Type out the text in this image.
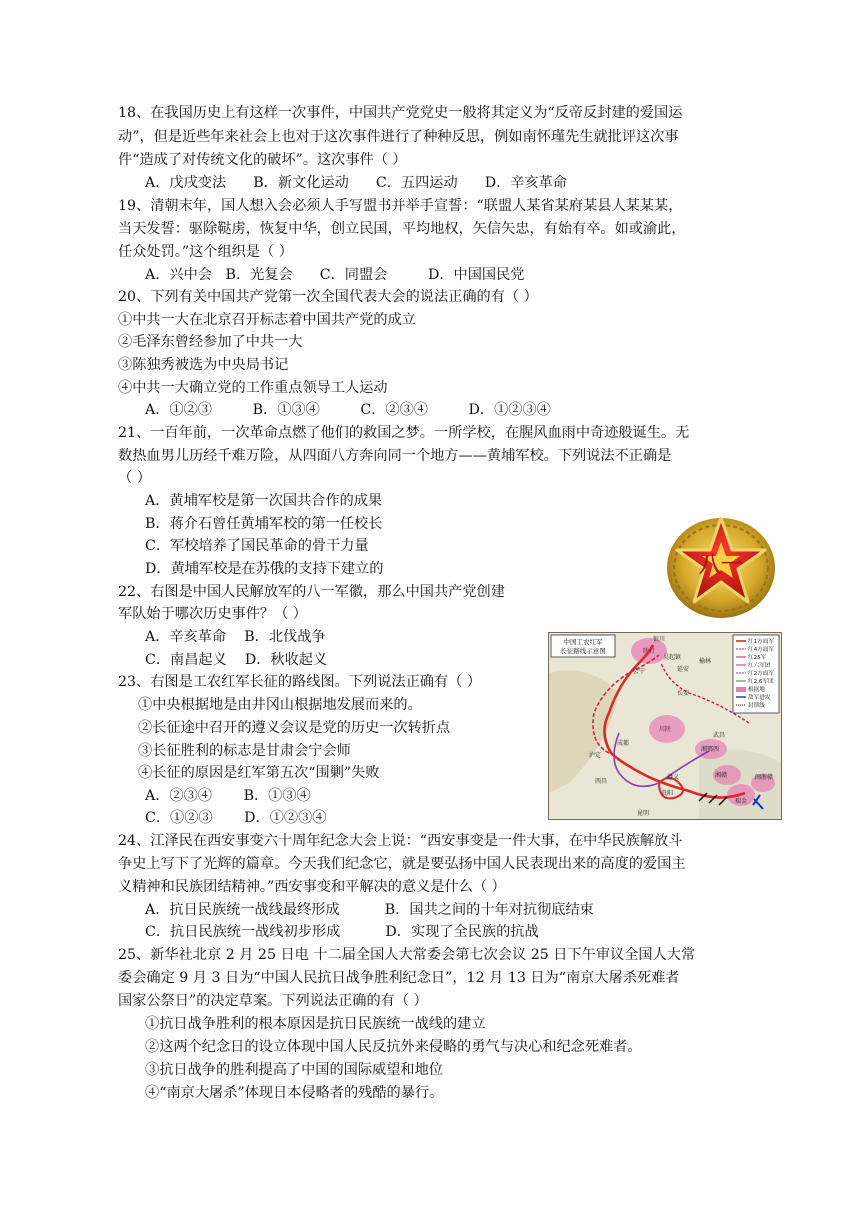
18、在我国历史上有这样一次事件，中国共产党党史一般将其定义为“反帝反封建的爱国运
动”，但是近些年来社会上也对于这次事件进行了种种反思，例如南怀瑾先生就批评这次事
件“造成了对传统文化的破坏”。这次事件（ ）
A．戊戌变法      B．新文化运动      C．五四运动      D．辛亥革命
19、清朝末年，国人想入会必须人手写盟书并举手宣誓：“联盟人某省某府某县人某某某，
当天发誓：驱除鞑虏，恢复中华，创立民国，平均地权，矢信矢忠，有始有卒。如或渝此，
任众处罚。”这个组织是（ ）
A．兴中会   B．光复会      C．同盟会         D．中国国民党
20、下列有关中国共产党第一次全国代表大会的说法正确的有（ ）
①中共一大在北京召开标志着中国共产党的成立
②毛泽东曾经参加了中共一大
③陈独秀被选为中央局书记
④中共一大确立党的工作重点领导工人运动
A．①②③         B．①③④         C．②③④         D．①②③④
21、一百年前，一次革命点燃了他们的救国之梦。一所学校，在腥风血雨中奇迹般诞生。无
数热血男儿历经千难万险，从四面八方奔向同一个地方——黄埔军校。下列说法不正确是
（ ）
A．黄埔军校是第一次国共合作的成果
B．蒋介石曾任黄埔军校的第一任校长
C．军校培养了国民革命的骨干力量
D．黄埔军校是在苏俄的支持下建立的
22、右图是中国人民解放军的八一军徽，那么中国共产党创建
军队始于哪次历史事件？（ ）
A．辛亥革命    B．北伐战争
C．南昌起义    D．秋收起义
八一
23、右图是工农红军长征的路线图。下列说法正确有（ ）
①中央根据地是由井冈山根据地发展而来的。
②长征途中召开的遵义会议是党的历史一次转折点
③长征胜利的标志是甘肃会宁会师
④长征的原因是红军第五次“围剿”失败
A．②③④       B．①③④
C．①②③       D．①②③④
中国工农红军
长征路线示意图
红1方面军
红4方面军
红25军
红六军团
红2方面军
红2,6军团
根据地
敌军进攻
封锁线
银川
陕甘
吴起镇
延安
会宁
榆林
长安
川陕
成都
武昌
湘鄂西
湘赣
遵义
贵阳
瑞金
闽浙赣
昆明
西昌
泸定
24、江泽民在西安事变六十周年纪念大会上说：“西安事变是一件大事，在中华民族解放斗
争史上写下了光辉的篇章。今天我们纪念它，就是要弘扬中国人民表现出来的高度的爱国主
义精神和民族团结精神。”西安事变和平解决的意义是什么（ ）
A．抗日民族统一战线最终形成          B．国共之间的十年对抗彻底结束
C．抗日民族统一战线初步形成          D．实现了全民族的抗战
25、新华社北京 2 月 25 日电 十二届全国人大常委会第七次会议 25 日下午审议全国人大常
委会确定 9 月 3 日为“中国人民抗日战争胜利纪念日”，12 月 13 日为“南京大屠杀死难者
国家公祭日”的决定草案。下列说法正确的有（ ）
①抗日战争胜利的根本原因是抗日民族统一战线的建立
②这两个纪念日的设立体现中国人民反抗外来侵略的勇气与决心和纪念死难者。
③抗日战争的胜利提高了中国的国际威望和地位
④“南京大屠杀”体现日本侵略者的残酷的暴行。
